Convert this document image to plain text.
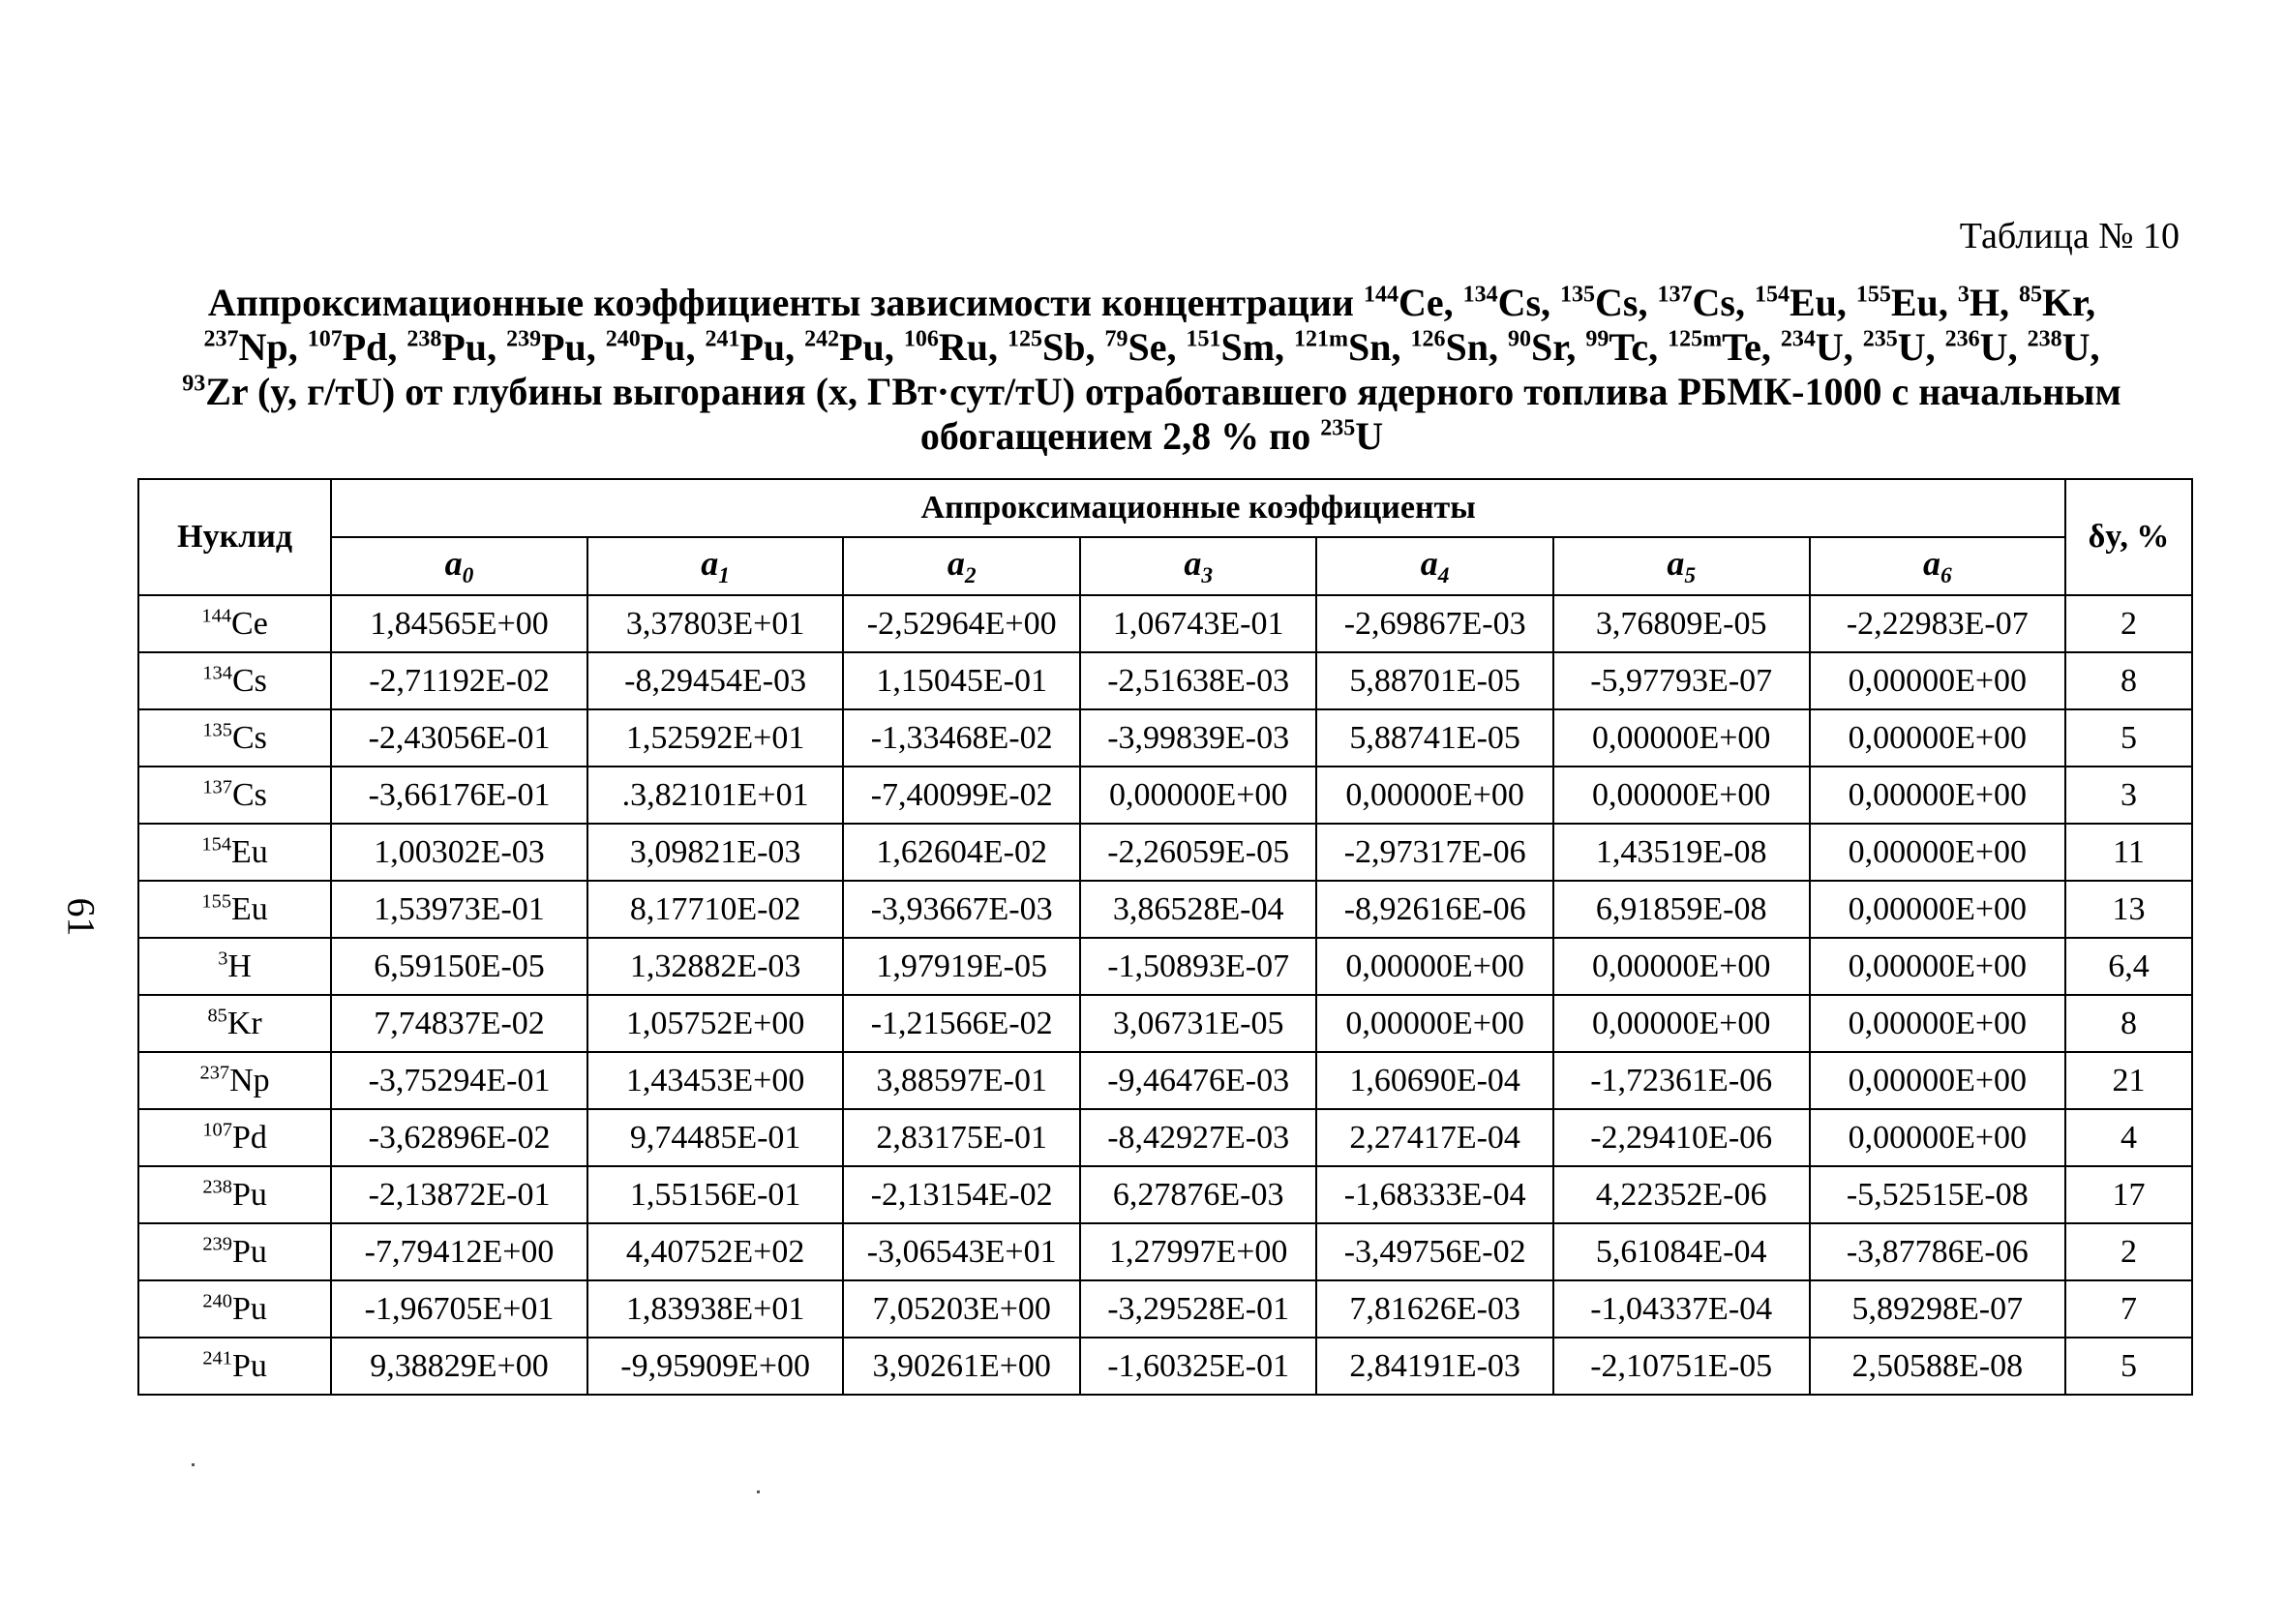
Таблица № 10
Аппроксимационные коэффициенты зависимости концентрации $^{144}$Ce, $^{134}$Cs, $^{135}$Cs, $^{137}$Cs, $^{154}$Eu, $^{155}$Eu, $^3$H, $^{85}$Kr,
$^{237}$Np, $^{107}$Pd, $^{238}$Pu, $^{239}$Pu, $^{240}$Pu, $^{241}$Pu, $^{242}$Pu, $^{106}$Ru, $^{125}$Sb, $^{79}$Se, $^{151}$Sm, $^{121m}$Sn, $^{126}$Sn, $^{90}$Sr, $^{99}$Tc, $^{125m}$Te, $^{234}$U, $^{235}$U, $^{236}$U, $^{238}$U,
$^{93}$Zr (y, г/тU) от глубины выгорания (x, ГВт·сут/тU) отработавшего ядерного топлива РБМК-1000 с начальным
обогащением 2,8 % по $^{235}$U
61
Нуклид	Аппроксимационные коэффициенты							δy, %
	$a_0$	$a_1$	$a_2$	$a_3$	$a_4$	$a_5$	$a_6$
$^{144}$Ce	1,84565E+00	3,37803E+01	-2,52964E+00	1,06743E-01	-2,69867E-03	3,76809E-05	-2,22983E-07	2
$^{134}$Cs	-2,71192E-02	-8,29454E-03	1,15045E-01	-2,51638E-03	5,88701E-05	-5,97793E-07	0,00000E+00	8
$^{135}$Cs	-2,43056E-01	1,52592E+01	-1,33468E-02	-3,99839E-03	5,88741E-05	0,00000E+00	0,00000E+00	5
$^{137}$Cs	-3,66176E-01	.3,82101E+01	-7,40099E-02	0,00000E+00	0,00000E+00	0,00000E+00	0,00000E+00	3
$^{154}$Eu	1,00302E-03	3,09821E-03	1,62604E-02	-2,26059E-05	-2,97317E-06	1,43519E-08	0,00000E+00	11
$^{155}$Eu	1,53973E-01	8,17710E-02	-3,93667E-03	3,86528E-04	-8,92616E-06	6,91859E-08	0,00000E+00	13
$^3$H	6,59150E-05	1,32882E-03	1,97919E-05	-1,50893E-07	0,00000E+00	0,00000E+00	0,00000E+00	6,4
$^{85}$Kr	7,74837E-02	1,05752E+00	-1,21566E-02	3,06731E-05	0,00000E+00	0,00000E+00	0,00000E+00	8
$^{237}$Np	-3,75294E-01	1,43453E+00	3,88597E-01	-9,46476E-03	1,60690E-04	-1,72361E-06	0,00000E+00	21
$^{107}$Pd	-3,62896E-02	9,74485E-01	2,83175E-01	-8,42927E-03	2,27417E-04	-2,29410E-06	0,00000E+00	4
$^{238}$Pu	-2,13872E-01	1,55156E-01	-2,13154E-02	6,27876E-03	-1,68333E-04	4,22352E-06	-5,52515E-08	17
$^{239}$Pu	-7,79412E+00	4,40752E+02	-3,06543E+01	1,27997E+00	-3,49756E-02	5,61084E-04	-3,87786E-06	2
$^{240}$Pu	-1,96705E+01	1,83938E+01	7,05203E+00	-3,29528E-01	7,81626E-03	-1,04337E-04	5,89298E-07	7
$^{241}$Pu	9,38829E+00	-9,95909E+00	3,90261E+00	-1,60325E-01	2,84191E-03	-2,10751E-05	2,50588E-08	5
